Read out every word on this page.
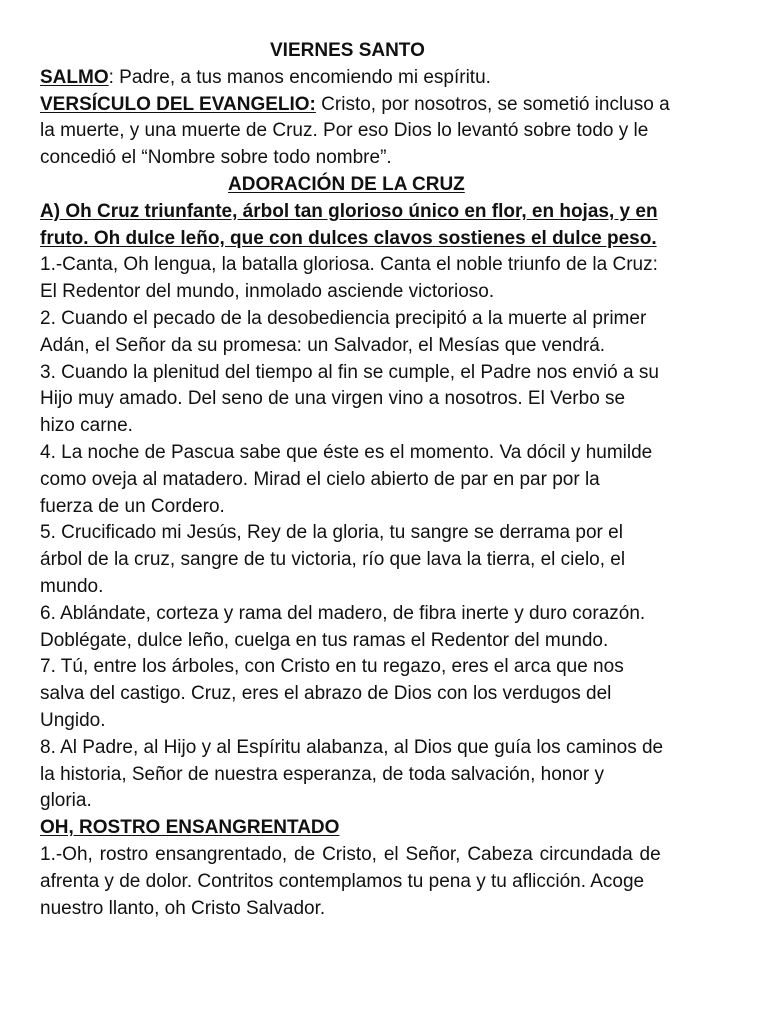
VIERNES SANTO
SALMO: Padre, a tus manos encomiendo mi espíritu.
VERSÍCULO DEL EVANGELIO: Cristo, por nosotros, se sometió incluso a
la muerte, y una muerte de Cruz. Por eso Dios lo levantó sobre todo y le
concedió el “Nombre sobre todo nombre”.
ADORACIÓN DE LA CRUZ
A) Oh Cruz triunfante, árbol tan glorioso único en flor, en hojas, y en
fruto. Oh dulce leño, que con dulces clavos sostienes el dulce peso.
1.-Canta, Oh lengua, la batalla gloriosa. Canta el noble triunfo de la Cruz:
El Redentor del mundo, inmolado asciende victorioso.
2. Cuando el pecado de la desobediencia precipitó a la muerte al primer
Adán, el Señor da su promesa: un Salvador, el Mesías que vendrá.
3. Cuando la plenitud del tiempo al fin se cumple, el Padre nos envió a su
Hijo muy amado. Del seno de una virgen vino a nosotros. El Verbo se
hizo carne.
4. La noche de Pascua sabe que éste es el momento. Va dócil y humilde
como oveja al matadero. Mirad el cielo abierto de par en par por la
fuerza de un Cordero.
5. Crucificado mi Jesús, Rey de la gloria, tu sangre se derrama por el
árbol de la cruz, sangre de tu victoria, río que lava la tierra, el cielo, el
mundo.
6. Ablándate, corteza y rama del madero, de fibra inerte y duro corazón.
Doblégate, dulce leño, cuelga en tus ramas el Redentor del mundo.
7. Tú, entre los árboles, con Cristo en tu regazo, eres el arca que nos
salva del castigo. Cruz, eres el abrazo de Dios con los verdugos del
Ungido.
8. Al Padre, al Hijo y al Espíritu alabanza, al Dios que guía los caminos de
la historia, Señor de nuestra esperanza, de toda salvación, honor y
gloria.
OH, ROSTRO ENSANGRENTADO
1.-Oh, rostro ensangrentado, de Cristo, el Señor, Cabeza circundada de
afrenta y de dolor. Contritos contemplamos tu pena y tu aflicción. Acoge
nuestro llanto, oh Cristo Salvador.
